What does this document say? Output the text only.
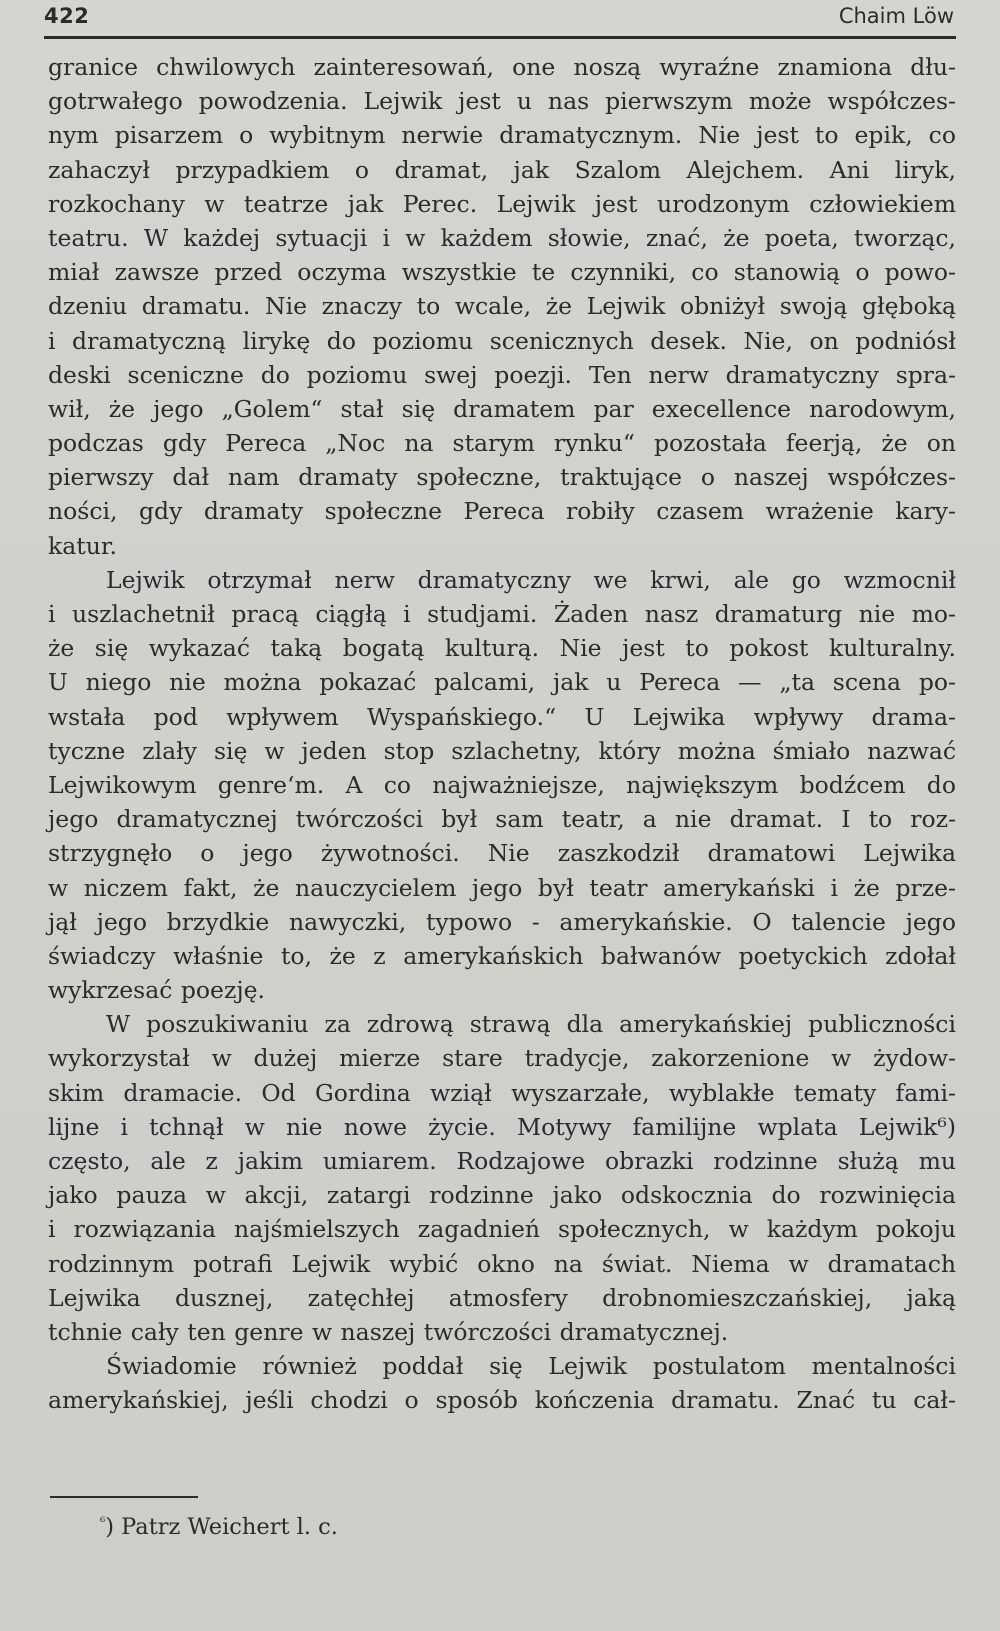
422	Chaim Löw
granice chwilowych zainteresowań, one noszą wyraźne znamiona dłu-
gotrwałego powodzenia. Lejwik jest u nas pierwszym może współczes-
nym pisarzem o wybitnym nerwie dramatycznym. Nie jest to epik, co
zahaczył przypadkiem o dramat, jak Szalom Alejchem. Ani liryk,
rozkochany w teatrze jak Perec. Lejwik jest urodzonym człowiekiem
teatru. W każdej sytuacji i w każdem słowie, znać, że poeta, tworząc,
miał zawsze przed oczyma wszystkie te czynniki, co stanowią o powo-
dzeniu dramatu. Nie znaczy to wcale, że Lejwik obniżył swoją głęboką
i dramatyczną lirykę do poziomu scenicznych desek. Nie, on podniósł
deski sceniczne do poziomu swej poezji. Ten nerw dramatyczny spra-
wił, że jego „Golem“ stał się dramatem par execellence narodowym,
podczas gdy Pereca „Noc na starym rynku“ pozostała feerją, że on
pierwszy dał nam dramaty społeczne, traktujące o naszej współczes-
ności, gdy dramaty społeczne Pereca robiły czasem wrażenie kary-
katur.
Lejwik otrzymał nerw dramatyczny we krwi, ale go wzmocnił
i uszlachetnił pracą ciągłą i studjami. Żaden nasz dramaturg nie mo-
że się wykazać taką bogatą kulturą. Nie jest to pokost kulturalny.
U niego nie można pokazać palcami, jak u Pereca — „ta scena po-
wstała pod wpływem Wyspańskiego.“ U Lejwika wpływy drama-
tyczne zlały się w jeden stop szlachetny, który można śmiało nazwać
Lejwikowym genre‘m. A co najważniejsze, największym bodźcem do
jego dramatycznej twórczości był sam teatr, a nie dramat. I to roz-
strzygnęło o jego żywotności. Nie zaszkodził dramatowi Lejwika
w niczem fakt, że nauczycielem jego był teatr amerykański i że prze-
jął jego brzydkie nawyczki, typowo - amerykańskie. O talencie jego
świadczy właśnie to, że z amerykańskich bałwanów poetyckich zdołał
wykrzesać poezję.
W poszukiwaniu za zdrową strawą dla amerykańskiej publiczności
wykorzystał w dużej mierze stare tradycje, zakorzenione w żydow-
skim dramacie. Od Gordina wziął wyszarzałe, wyblakłe tematy fami-
lijne i tchnął w nie nowe życie. Motywy familijne wplata Lejwik⁶)
często, ale z jakim umiarem. Rodzajowe obrazki rodzinne służą mu
jako pauza w akcji, zatargi rodzinne jako odskocznia do rozwinięcia
i rozwiązania najśmielszych zagadnień społecznych, w każdym pokoju
rodzinnym potrafi Lejwik wybić okno na świat. Niema w dramatach
Lejwika dusznej, zatęchłej atmosfery drobnomieszczańskiej, jaką
tchnie cały ten genre w naszej twórczości dramatycznej.
Świadomie również poddał się Lejwik postulatom mentalności
amerykańskiej, jeśli chodzi o sposób kończenia dramatu. Znać tu cał-
$^{^6}$) Patrz Weichert l. c.
